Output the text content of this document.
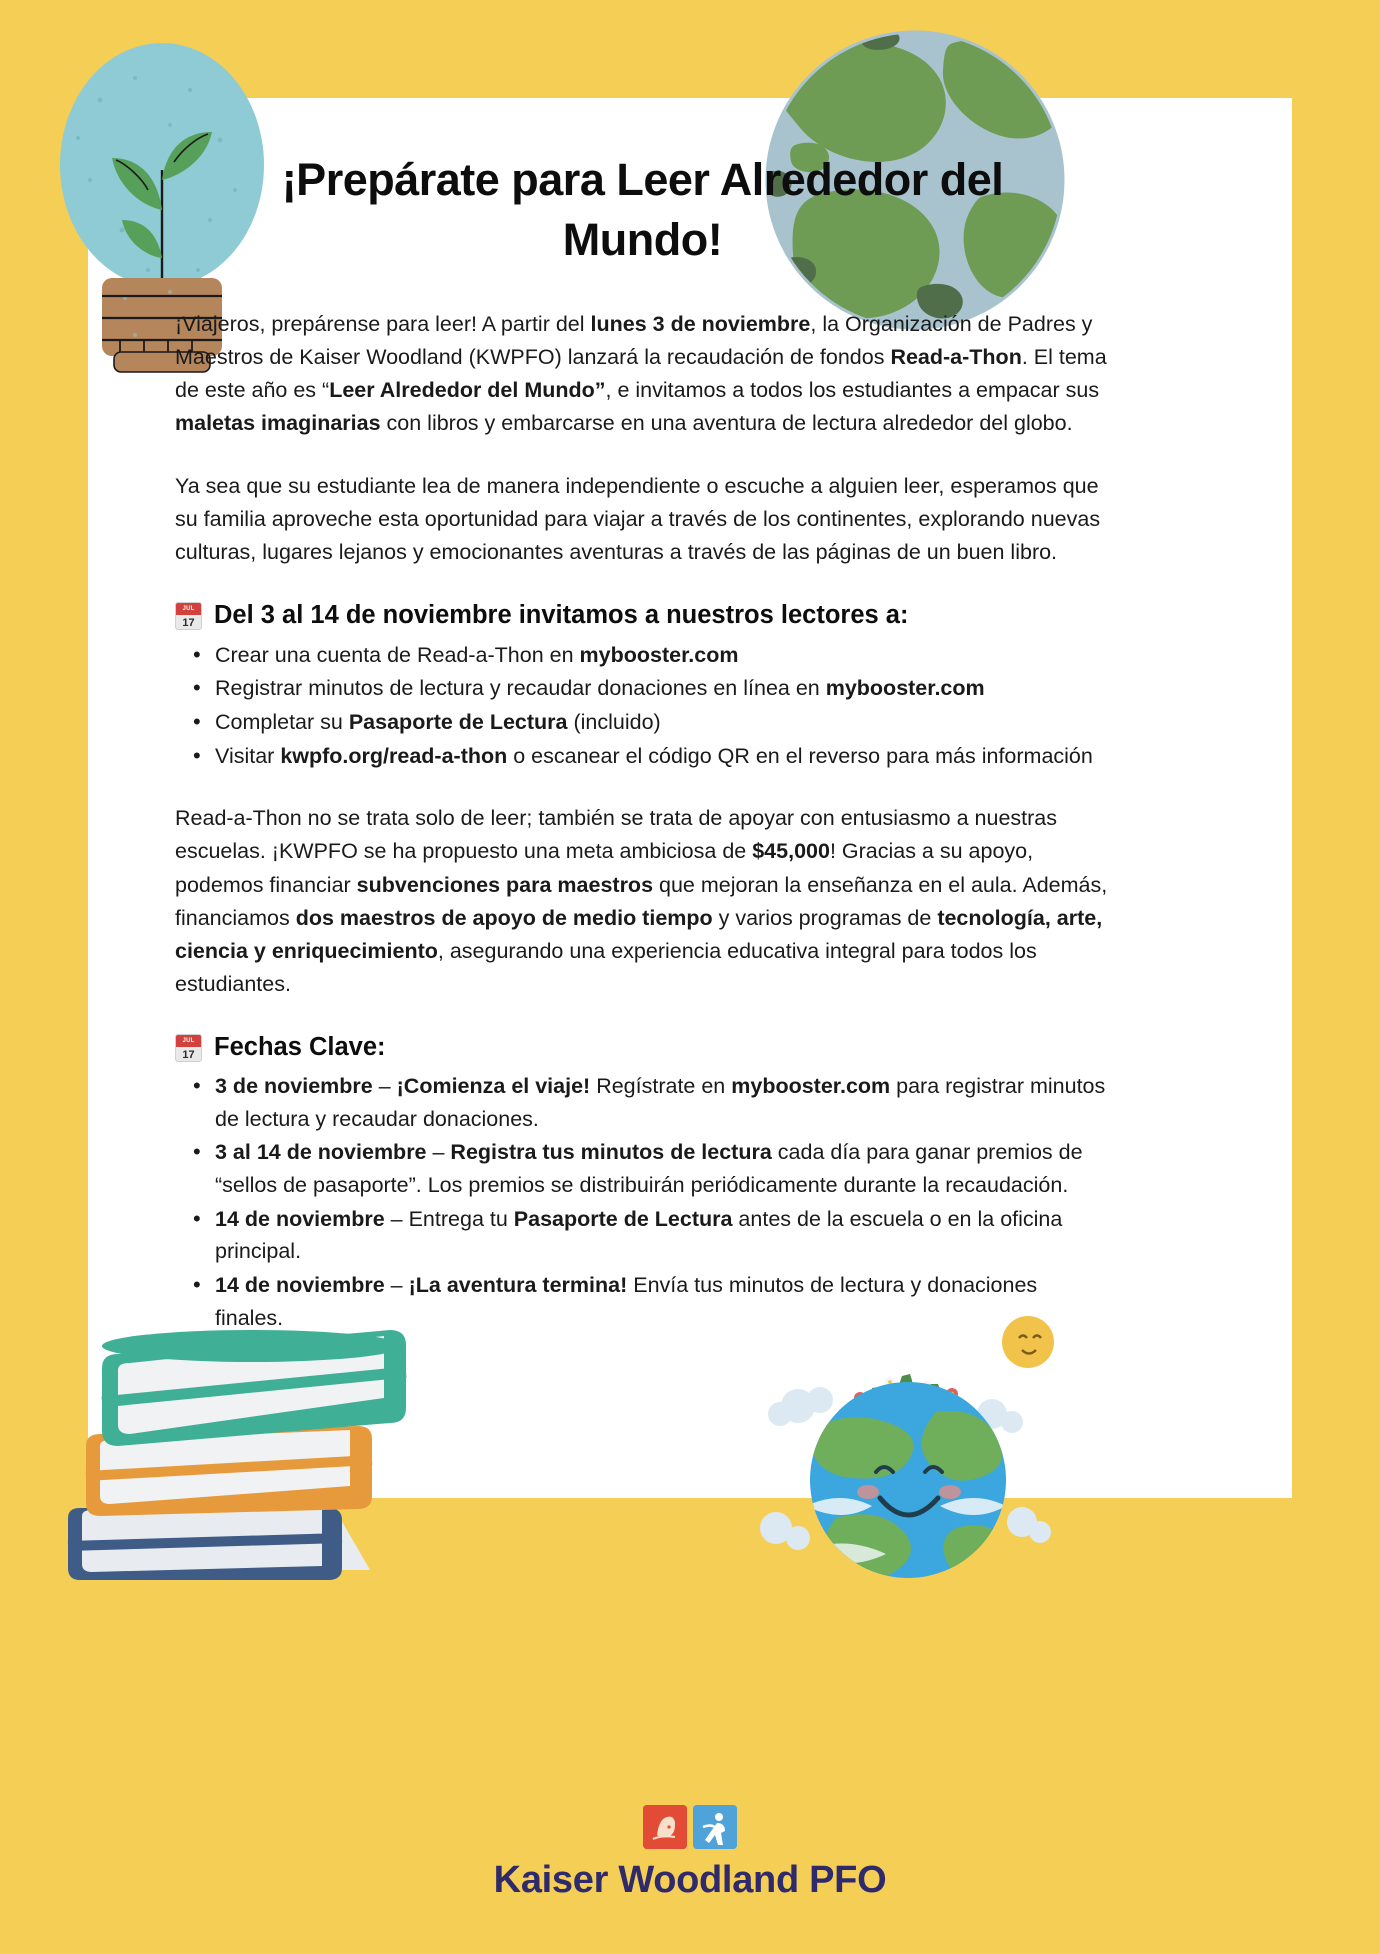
¡Prepárate para Leer Alrededor del Mundo!

¡Viajeros, prepárense para leer! A partir del lunes 3 de noviembre, la Organización de Padres y Maestros de Kaiser Woodland (KWPFO) lanzará la recaudación de fondos Read-a-Thon. El tema de este año es “Leer Alrededor del Mundo”, e invitamos a todos los estudiantes a empacar sus maletas imaginarias con libros y embarcarse en una aventura de lectura alrededor del globo.

Ya sea que su estudiante lea de manera independiente o escuche a alguien leer, esperamos que su familia aproveche esta oportunidad para viajar a través de los continentes, explorando nuevas culturas, lugares lejanos y emocionantes aventuras a través de las páginas de un buen libro.

JUL
17 Del 3 al 14 de noviembre invitamos a nuestros lectores a:
• Crear una cuenta de Read-a-Thon en mybooster.com
• Registrar minutos de lectura y recaudar donaciones en línea en mybooster.com
• Completar su Pasaporte de Lectura (incluido)
• Visitar kwpfo.org/read-a-thon o escanear el código QR en el reverso para más información

Read-a-Thon no se trata solo de leer; también se trata de apoyar con entusiasmo a nuestras escuelas. ¡KWPFO se ha propuesto una meta ambiciosa de $45,000! Gracias a su apoyo, podemos financiar subvenciones para maestros que mejoran la enseñanza en el aula. Además, financiamos dos maestros de apoyo de medio tiempo y varios programas de tecnología, arte, ciencia y enriquecimiento, asegurando una experiencia educativa integral para todos los estudiantes.

JUL
17 Fechas Clave:
• 3 de noviembre – ¡Comienza el viaje! Regístrate en mybooster.com para registrar minutos de lectura y recaudar donaciones.
• 3 al 14 de noviembre – Registra tus minutos de lectura cada día para ganar premios de “sellos de pasaporte”. Los premios se distribuirán periódicamente durante la recaudación.
• 14 de noviembre – Entrega tu Pasaporte de Lectura antes de la escuela o en la oficina principal.
• 14 de noviembre – ¡La aventura termina! Envía tus minutos de lectura y donaciones finales.
Kaiser Woodland PFO
